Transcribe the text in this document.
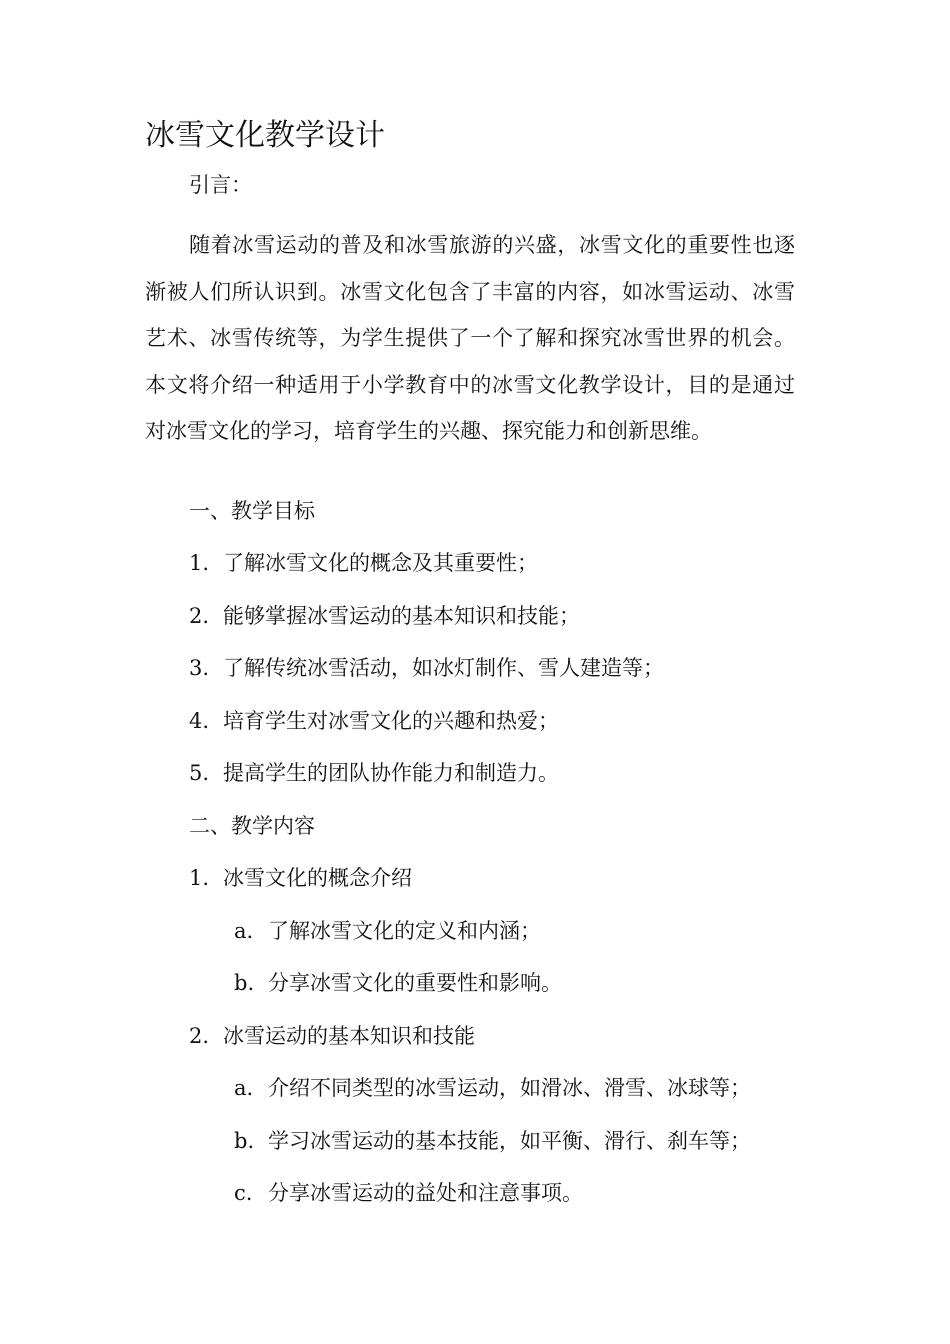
冰雪文化教学设计
引言：

随着冰雪运动的普及和冰雪旅游的兴盛，冰雪文化的重要性也逐渐被人们所认识到。冰雪文化包含了丰富的内容，如冰雪运动、冰雪艺术、冰雪传统等，为学生提供了一个了解和探究冰雪世界的机会。本文将介绍一种适用于小学教育中的冰雪文化教学设计，目的是通过对冰雪文化的学习，培育学生的兴趣、探究能力和创新思维。

一、教学目标
1. 了解冰雪文化的概念及其重要性；
2. 能够掌握冰雪运动的基本知识和技能；
3. 了解传统冰雪活动，如冰灯制作、雪人建造等；
4. 培育学生对冰雪文化的兴趣和热爱；
5. 提高学生的团队协作能力和制造力。
二、教学内容
1. 冰雪文化的概念介绍
a. 了解冰雪文化的定义和内涵；
b. 分享冰雪文化的重要性和影响。
2. 冰雪运动的基本知识和技能
a. 介绍不同类型的冰雪运动，如滑冰、滑雪、冰球等；
b. 学习冰雪运动的基本技能，如平衡、滑行、刹车等；
c. 分享冰雪运动的益处和注意事项。
